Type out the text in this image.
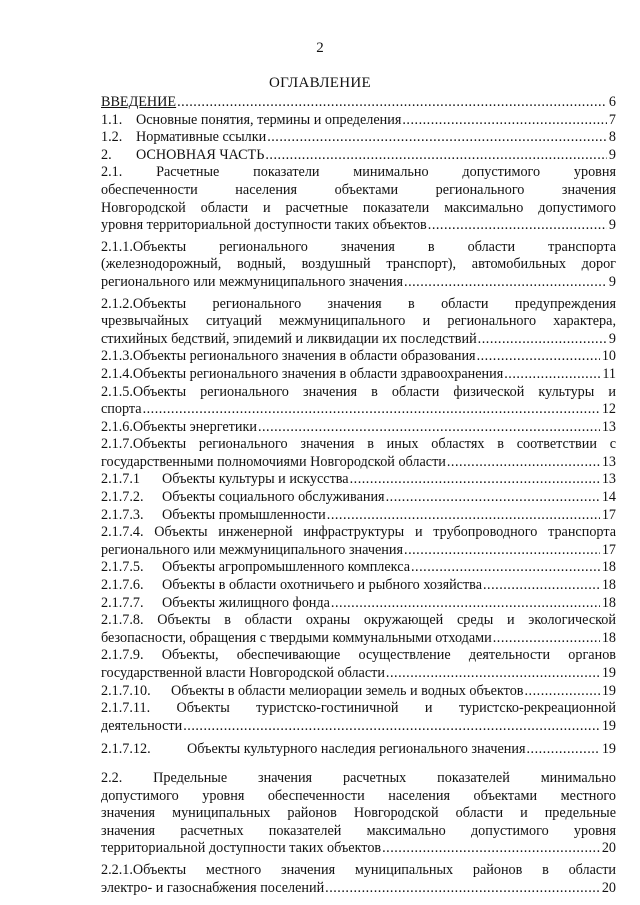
2
ОГЛАВЛЕНИЕ
ВВЕДЕНИЕ .....	6
1.1. Основные понятия, термины и определения .....	7
1.2. Нормативные ссылки .....	8
2. ОСНОВНАЯ ЧАСТЬ .....	9
2.1. Расчетные показатели минимально допустимого уровня
обеспеченности населения объектами регионального значения
Новгородской области и расчетные показатели максимально допустимого
уровня территориальной доступности таких объектов .....	9
2.1.1.Объекты регионального значения в области транспорта
(железнодорожный, водный, воздушный транспорт), автомобильных дорог
регионального или межмуниципального значения .....	9
2.1.2.Объекты регионального значения в области предупреждения
чрезвычайных ситуаций межмуниципального и регионального характера,
стихийных бедствий, эпидемий и ликвидации их последствий .....	9
2.1.3.Объекты регионального значения в области образования .....	10
2.1.4.Объекты регионального значения в области здравоохранения .....	11
2.1.5.Объекты регионального значения в области физической культуры и
спорта .....	12
2.1.6.Объекты энергетики .....	13
2.1.7.Объекты регионального значения в иных областях в соответствии с
государственными полномочиями Новгородской области .....	13
2.1.7.1 Объекты культуры и искусства .....	13
2.1.7.2. Объекты социального обслуживания .....	14
2.1.7.3. Объекты промышленности .....	17
2.1.7.4. Объекты инженерной инфраструктуры и трубопроводного транспорта
регионального или межмуниципального значения .....	17
2.1.7.5. Объекты агропромышленного комплекса .....	18
2.1.7.6. Объекты в области охотничьего и рыбного хозяйства .....	18
2.1.7.7. Объекты жилищного фонда .....	18
2.1.7.8. Объекты в области охраны окружающей среды и экологической
безопасности, обращения с твердыми коммунальными отходами .....	18
2.1.7.9. Объекты, обеспечивающие осуществление деятельности органов
государственной власти Новгородской области .....	19
2.1.7.10. Объекты в области мелиорации земель и водных объектов .....	19
2.1.7.11. Объекты туристско-гостиничной и туристско-рекреационной
деятельности .....	19
2.1.7.12.	Объекты культурного наследия регионального значения .....	19
2.2. Предельные значения расчетных показателей минимально
допустимого уровня обеспеченности населения объектами местного
значения муниципальных районов Новгородской области и предельные
значения расчетных показателей максимально допустимого уровня
территориальной доступности таких объектов .....	20
2.2.1.Объекты местного значения муниципальных районов в области
электро- и газоснабжения поселений .....	20
